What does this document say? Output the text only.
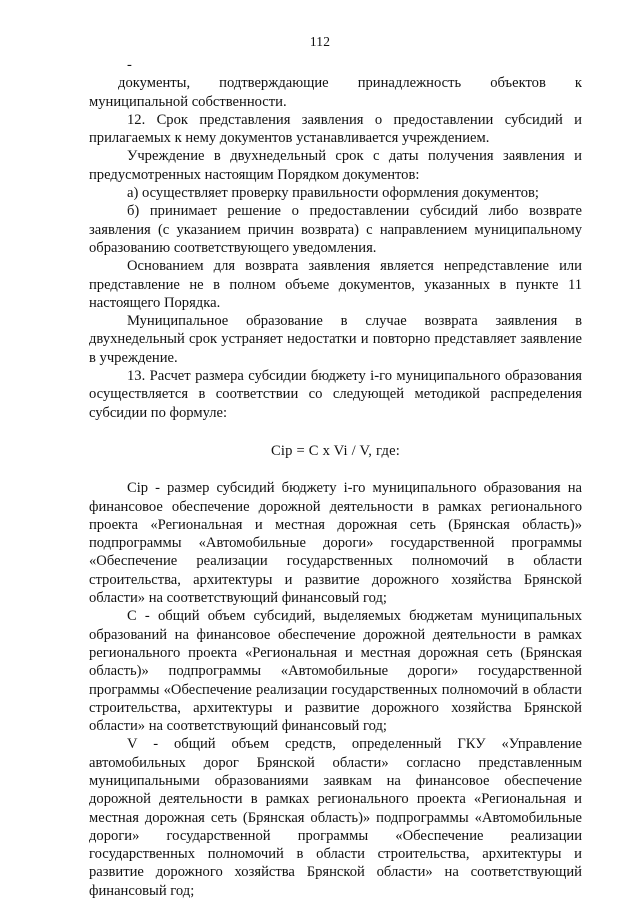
112

-      документы,      подтверждающие      принадлежность      объектов      к муниципальной собственности.

12. Срок представления заявления о предоставлении субсидий и прилагаемых к нему документов устанавливается учреждением.

Учреждение в двухнедельный срок с даты получения заявления и предусмотренных настоящим Порядком документов:

а) осуществляет проверку правильности оформления документов;

б) принимает решение о предоставлении субсидий либо возврате заявления (с указанием причин возврата) с направлением муниципальному образованию соответствующего уведомления.

Основанием для возврата заявления является непредставление или представление не в полном объеме документов, указанных в пункте 11 настоящего Порядка.

Муниципальное образование в случае возврата заявления в двухнедельный срок устраняет недостатки и повторно представляет заявление в учреждение.

13. Расчет размера субсидии бюджету i-го муниципального образования осуществляется в соответствии со следующей методикой распределения субсидии по формуле:

Сip = С x Vi / V, где:

Сip - размер субсидий бюджету i-го муниципального образования на финансовое обеспечение дорожной деятельности в рамках регионального проекта «Региональная и местная дорожная сеть (Брянская область)» подпрограммы «Автомобильные дороги» государственной программы «Обеспечение реализации государственных полномочий в области строительства, архитектуры и развитие дорожного хозяйства Брянской области» на соответствующий финансовый год;

С - общий объем субсидий, выделяемых бюджетам муниципальных образований на финансовое обеспечение дорожной деятельности в рамках регионального проекта «Региональная и местная дорожная сеть (Брянская область)» подпрограммы «Автомобильные дороги» государственной программы «Обеспечение реализации государственных полномочий в области строительства, архитектуры и развитие дорожного хозяйства Брянской области» на соответствующий финансовый год;

V - общий объем средств, определенный ГКУ «Управление автомобильных дорог Брянской области» согласно представленным муниципальными образованиями заявкам на финансовое обеспечение дорожной деятельности в рамках регионального проекта «Региональная и местная дорожная сеть (Брянская область)» подпрограммы «Автомобильные дороги» государственной программы «Обеспечение реализации государственных полномочий в области строительства, архитектуры и развитие дорожного хозяйства Брянской области» на соответствующий финансовый год;
